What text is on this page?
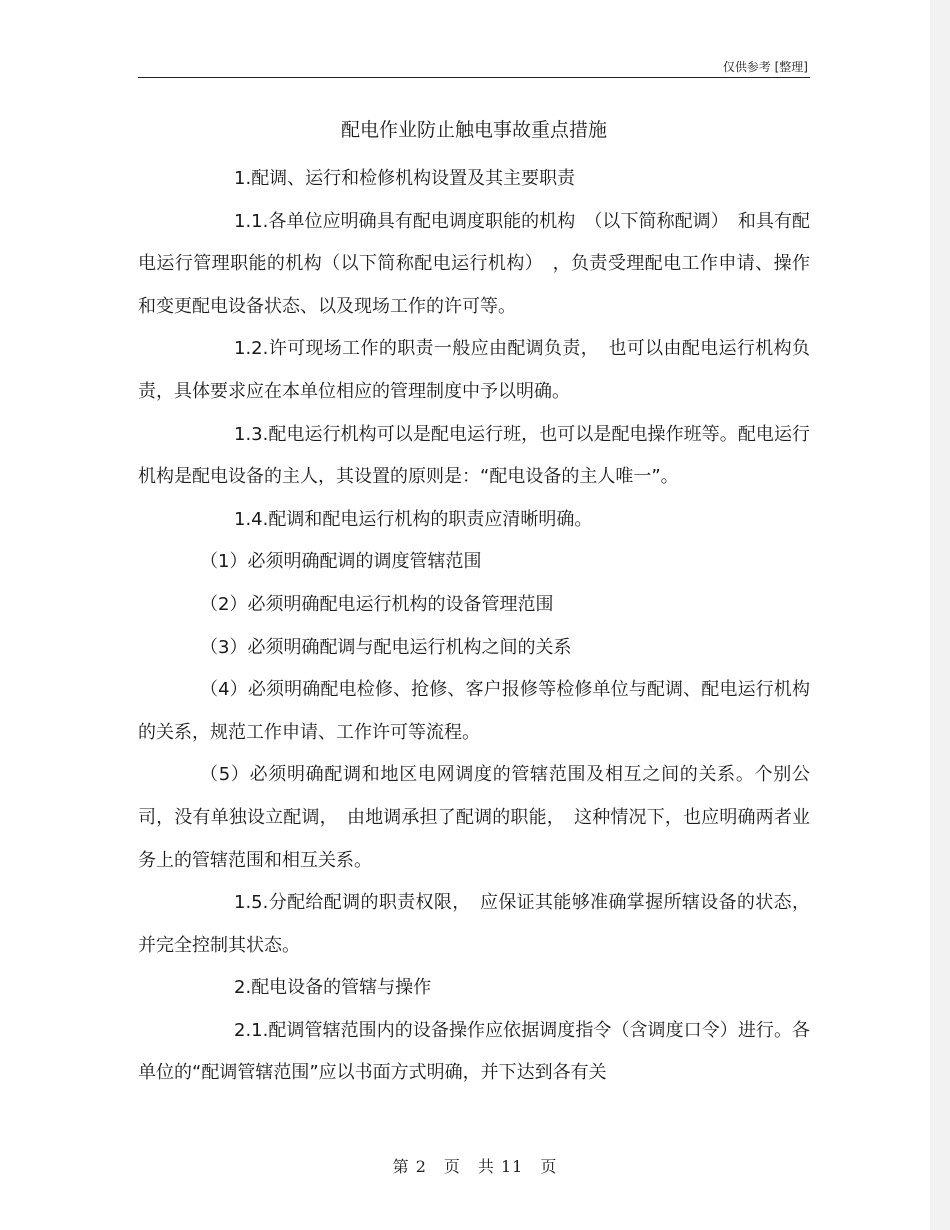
仅供参考 [整理]
配电作业防止触电事故重点措施

1.配调、运行和检修机构设置及其主要职责

1.1.各单位应明确具有配电调度职能的机构　（以下简称配调）　和具有配电运行管理职能的机构（以下简称配电运行机构）　，负责受理配电工作申请、操作和变更配电设备状态、以及现场工作的许可等。

1.2.许可现场工作的职责一般应由配调负责，　也可以由配电运行机构负责，具体要求应在本单位相应的管理制度中予以明确。

1.3.配电运行机构可以是配电运行班，也可以是配电操作班等。配电运行机构是配电设备的主人，其设置的原则是：“配电设备的主人唯一”。

1.4.配调和配电运行机构的职责应清晰明确。

（1）必须明确配调的调度管辖范围

（2）必须明确配电运行机构的设备管理范围

（3）必须明确配调与配电运行机构之间的关系

（4）必须明确配电检修、抢修、客户报修等检修单位与配调、配电运行机构的关系，规范工作申请、工作许可等流程。

（5）必须明确配调和地区电网调度的管辖范围及相互之间的关系。个别公司，没有单独设立配调，　由地调承担了配调的职能，　这种情况下，也应明确两者业务上的管辖范围和相互关系。

1.5.分配给配调的职责权限，　应保证其能够准确掌握所辖设备的状态，并完全控制其状态。

2.配电设备的管辖与操作

2.1.配调管辖范围内的设备操作应依据调度指令（含调度口令）进行。各单位的“配调管辖范围”应以书面方式明确，并下达到各有关

第 2　页　共 11　页
